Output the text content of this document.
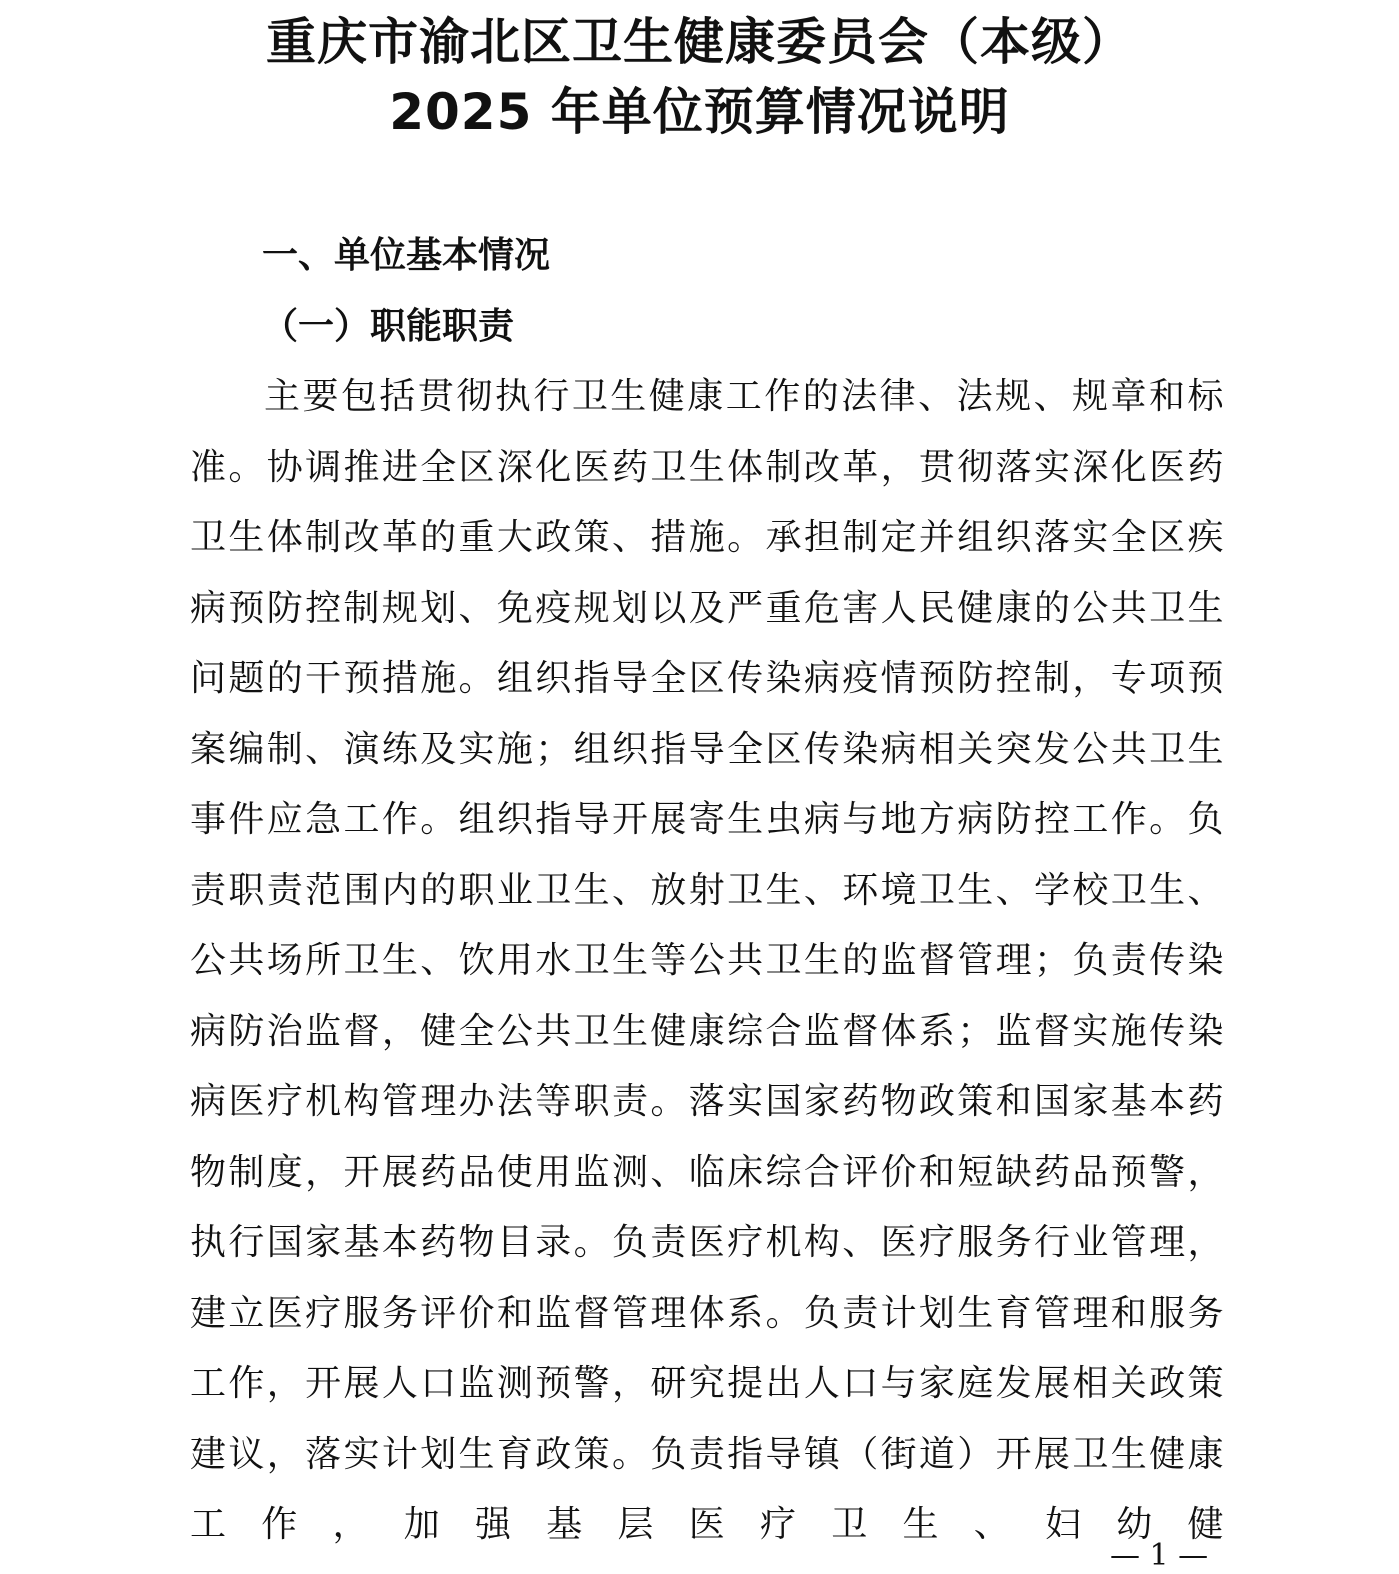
重庆市渝北区卫生健康委员会（本级）
2025 年单位预算情况说明
一、单位基本情况
（一）职能职责

主要包括贯彻执行卫生健康工作的法律、法规、规章和标准。协调推进全区深化医药卫生体制改革，贯彻落实深化医药卫生体制改革的重大政策、措施。承担制定并组织落实全区疾病预防控制规划、免疫规划以及严重危害人民健康的公共卫生问题的干预措施。组织指导全区传染病疫情预防控制，专项预案编制、演练及实施；组织指导全区传染病相关突发公共卫生事件应急工作。组织指导开展寄生虫病与地方病防控工作。负责职责范围内的职业卫生、放射卫生、环境卫生、学校卫生、公共场所卫生、饮用水卫生等公共卫生的监督管理；负责传染病防治监督，健全公共卫生健康综合监督体系；监督实施传染病医疗机构管理办法等职责。落实国家药物政策和国家基本药物制度，开展药品使用监测、临床综合评价和短缺药品预警，执行国家基本药物目录。负责医疗机构、医疗服务行业管理，建立医疗服务评价和监督管理体系。负责计划生育管理和服务工作，开展人口监测预警，研究提出人口与家庭发展相关政策建议，落实计划生育政策。负责指导镇（街道）开展卫生健康工作，加强基层医疗卫生、妇幼健

— 1 —
